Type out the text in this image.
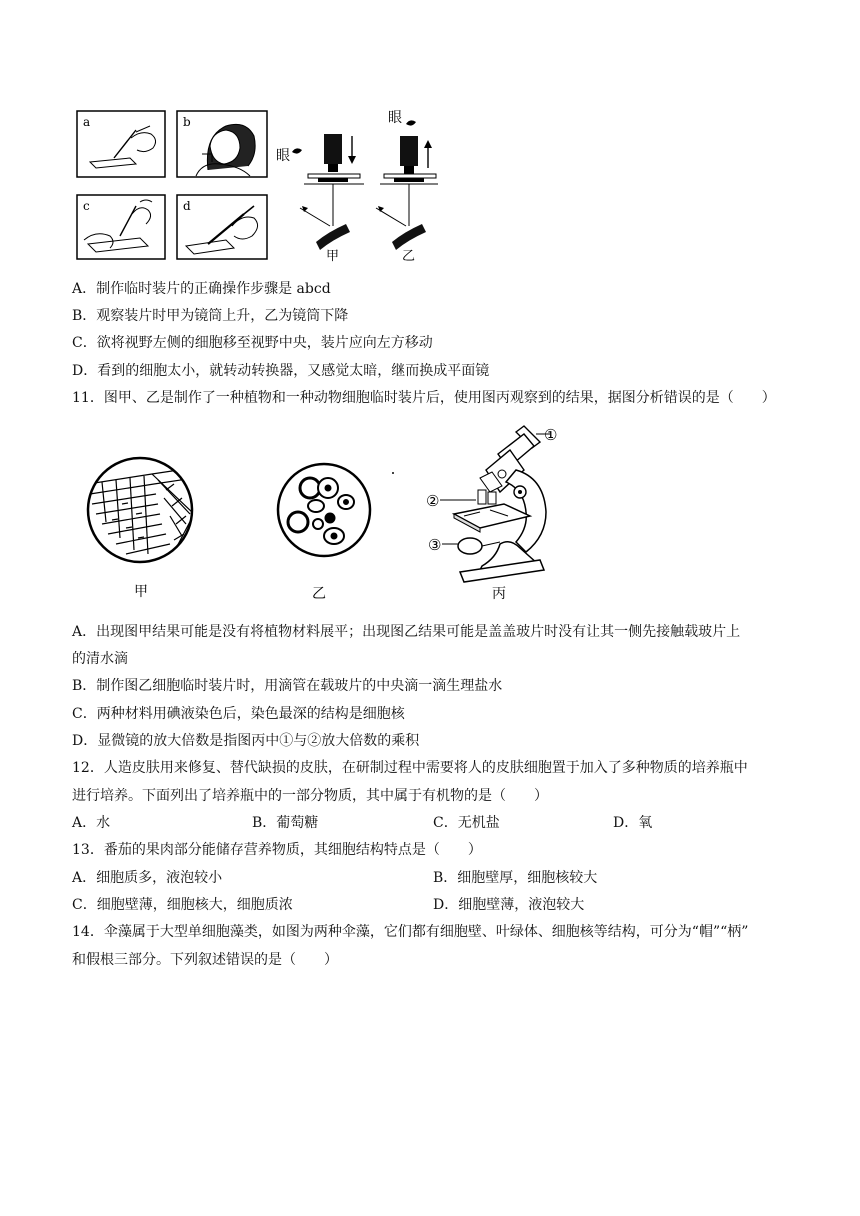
a	b
c	d
眼
甲
眼
乙
A．制作临时装片的正确操作步骤是 abcd
B．观察装片时甲为镜筒上升，乙为镜筒下降
C．欲将视野左侧的细胞移至视野中央，装片应向左方移动
D．看到的细胞太小，就转动转换器，又感觉太暗，继而换成平面镜
11．图甲、乙是制作了一种植物和一种动物细胞临时装片后，使用图丙观察到的结果，据图分析错误的是（　　）
甲	乙
①
②
③
丙
A．出现图甲结果可能是没有将植物材料展平；出现图乙结果可能是盖盖玻片时没有让其一侧先接触载玻片上
的清水滴
B．制作图乙细胞临时装片时，用滴管在载玻片的中央滴一滴生理盐水
C．两种材料用碘液染色后，染色最深的结构是细胞核
D．显微镜的放大倍数是指图丙中①与②放大倍数的乘积
12．人造皮肤用来修复、替代缺损的皮肤，在研制过程中需要将人的皮肤细胞置于加入了多种物质的培养瓶中
进行培养。下面列出了培养瓶中的一部分物质，其中属于有机物的是（　　）
A．水	B．葡萄糖	C．无机盐	D．氧
13．番茄的果肉部分能储存营养物质，其细胞结构特点是（　　）
A．细胞质多，液泡较小	B．细胞壁厚，细胞核较大
C．细胞壁薄，细胞核大，细胞质浓	D．细胞壁薄，液泡较大
14．伞藻属于大型单细胞藻类，如图为两种伞藻，它们都有细胞壁、叶绿体、细胞核等结构，可分为“帽”“柄”
和假根三部分。下列叙述错误的是（　　）
